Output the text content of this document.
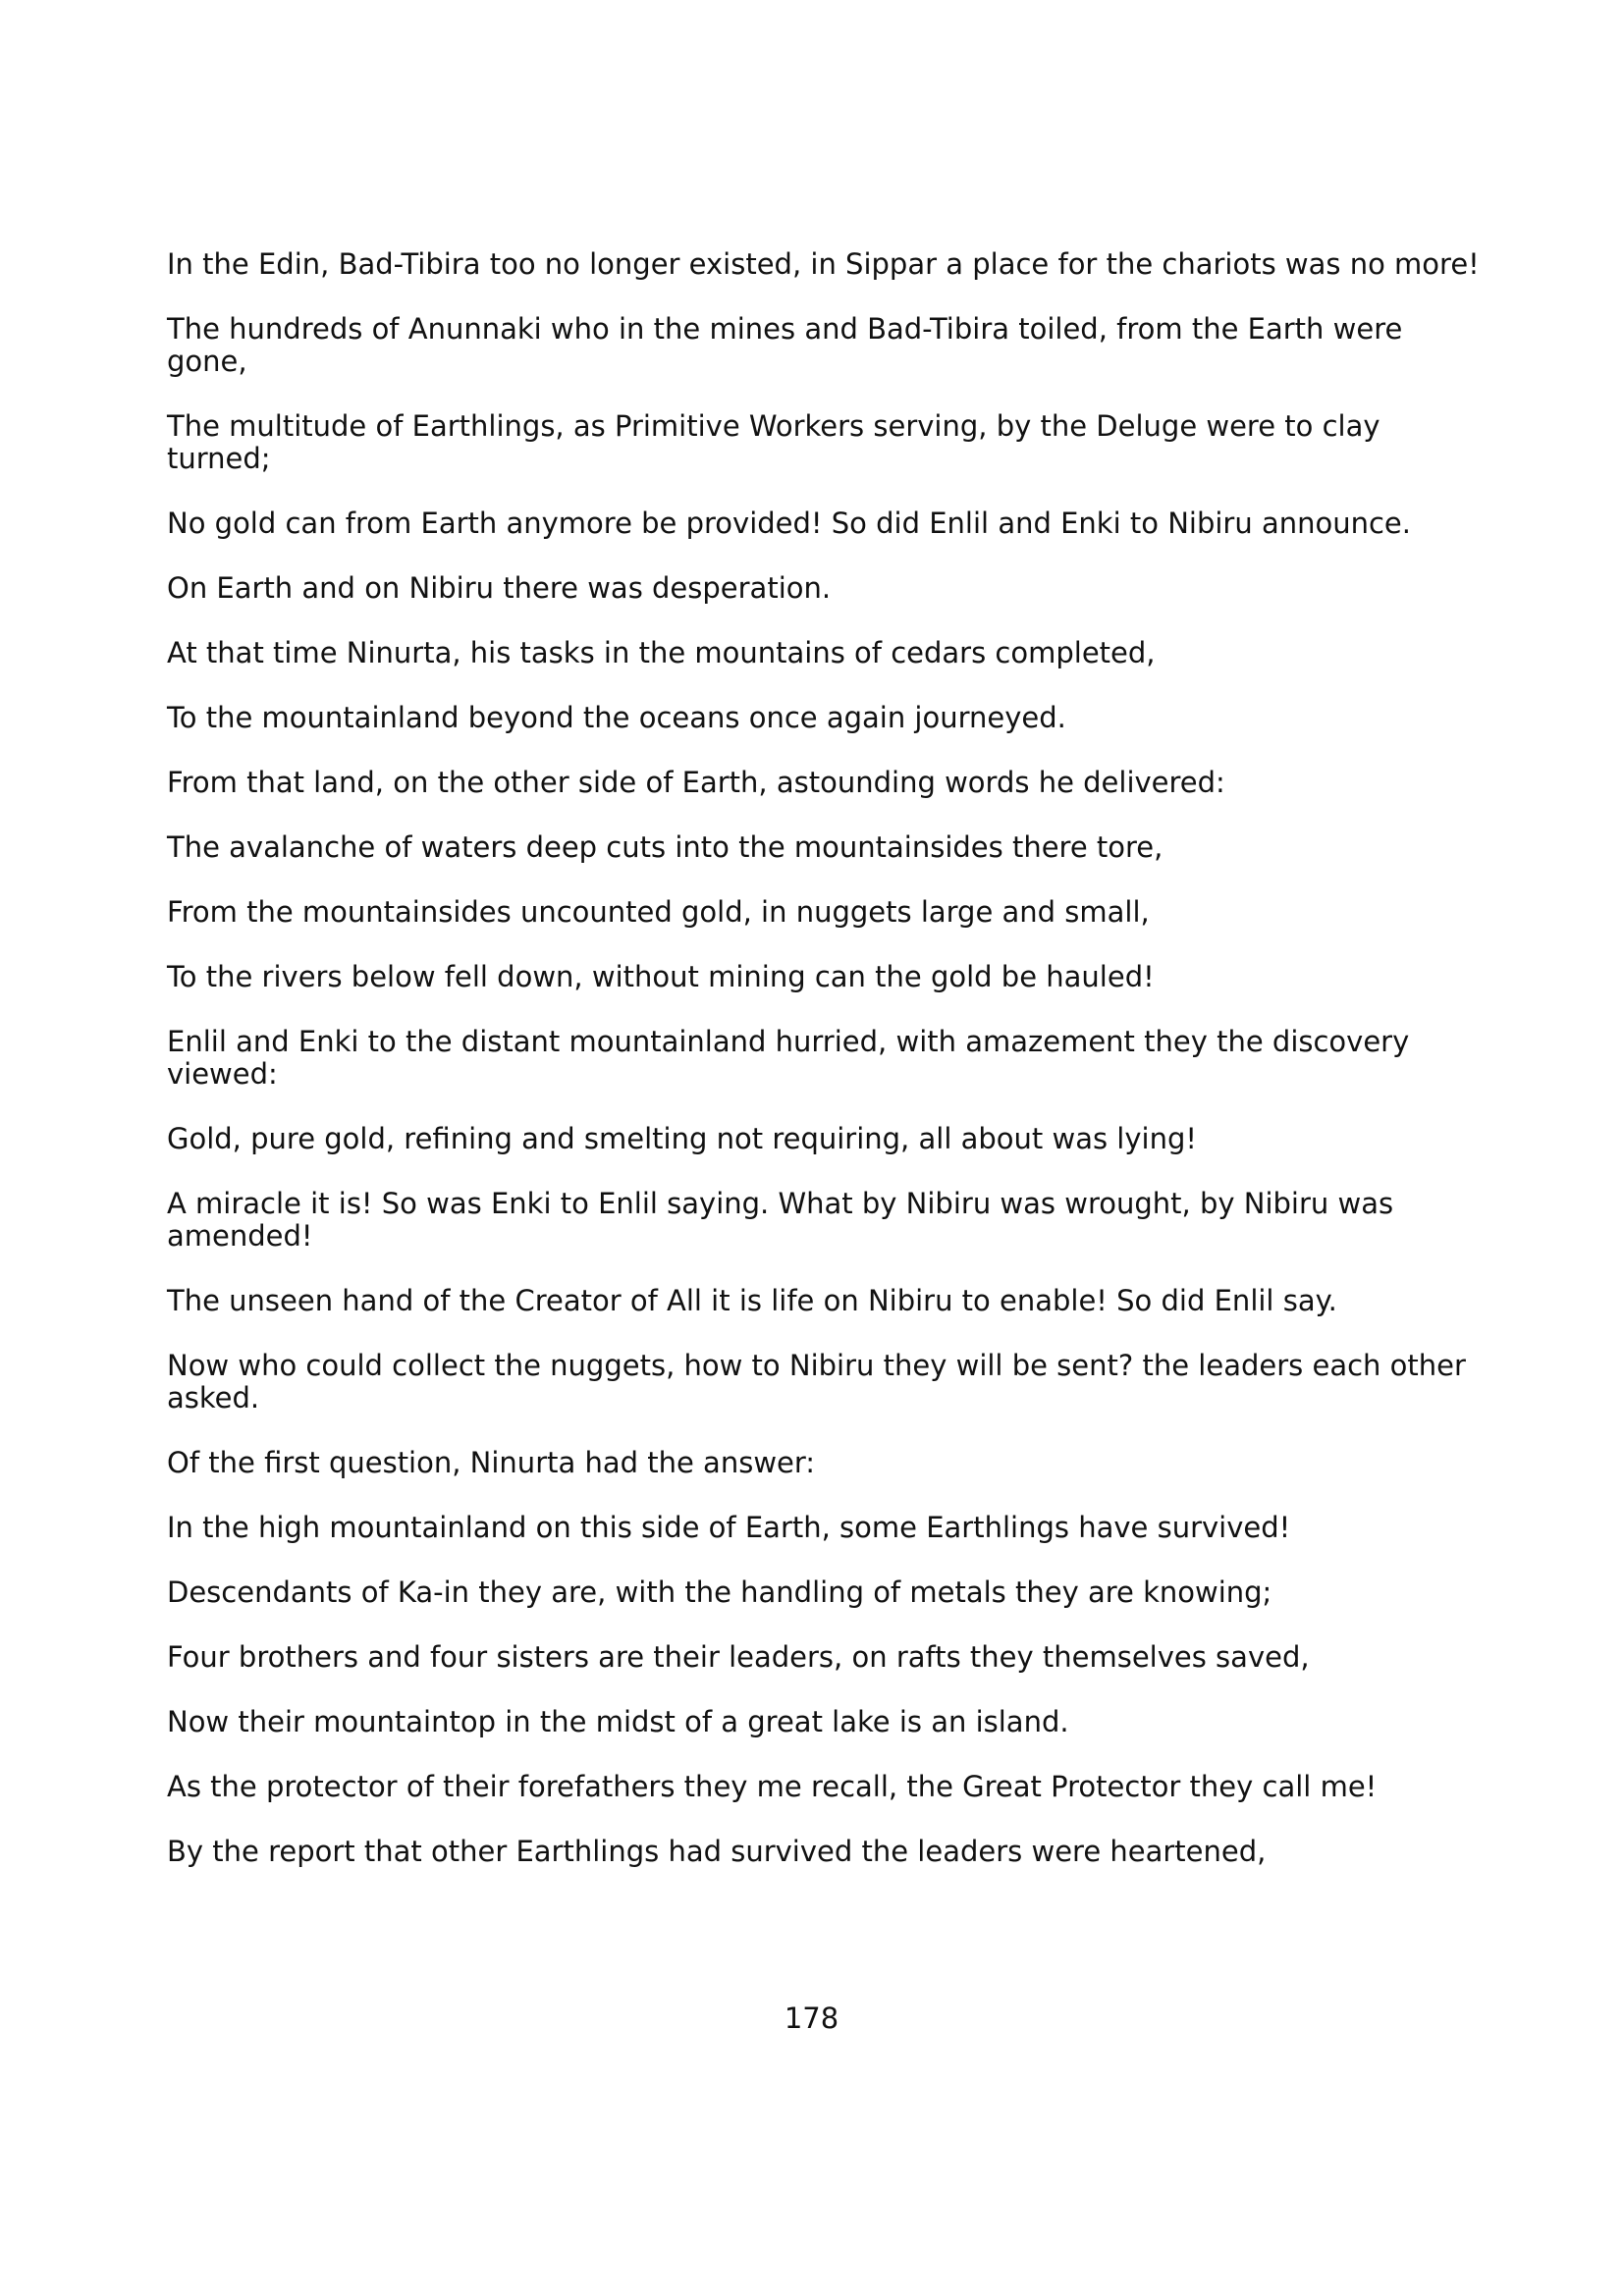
In the Edin, Bad-Tibira too no longer existed, in Sippar a place for the chariots was no more!

The hundreds of Anunnaki who in the mines and Bad-Tibira toiled, from the Earth were gone,

The multitude of Earthlings, as Primitive Workers serving, by the Deluge were to clay turned;

No gold can from Earth anymore be provided! So did Enlil and Enki to Nibiru announce.

On Earth and on Nibiru there was desperation.

At that time Ninurta, his tasks in the mountains of cedars completed,

To the mountainland beyond the oceans once again journeyed.

From that land, on the other side of Earth, astounding words he delivered:

The avalanche of waters deep cuts into the mountainsides there tore,

From the mountainsides uncounted gold, in nuggets large and small,

To the rivers below fell down, without mining can the gold be hauled!

Enlil and Enki to the distant mountainland hurried, with amazement they the discovery viewed:

Gold, pure gold, refining and smelting not requiring, all about was lying!

A miracle it is! So was Enki to Enlil saying. What by Nibiru was wrought, by Nibiru was amended!

The unseen hand of the Creator of All it is life on Nibiru to enable! So did Enlil say.

Now who could collect the nuggets, how to Nibiru they will be sent? the leaders each other asked.

Of the first question, Ninurta had the answer:

In the high mountainland on this side of Earth, some Earthlings have survived!

Descendants of Ka-in they are, with the handling of metals they are knowing;

Four brothers and four sisters are their leaders, on rafts they themselves saved,

Now their mountaintop in the midst of a great lake is an island.

As the protector of their forefathers they me recall, the Great Protector they call me!

By the report that other Earthlings had survived the leaders were heartened,

178
